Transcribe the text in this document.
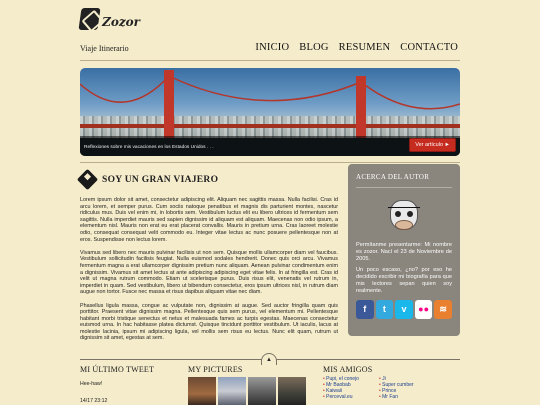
Zozor
Viaje Itinerario	INICIO BLOG RESUMEN CONTACTO
Reflexiones sobre mis vacaciones en los Estados Unidos . . .	Ver artículo ►
SOY UN GRAN VIAJERO

Lorem ipsum dolor sit amet, consectetur adipiscing elit. Aliquam nec sagittis massa. Nulla facilisi. Cras id arcu lorem, et semper purus. Cum sociis natoque penatibus et magnis dis parturient montes, nascetur ridiculus mus. Duis vel enim mi, in lobortis sem. Vestibulum luctus elit eu libero ultrices id fermentum sem sagittis. Nulla imperdiet mauris sed sapien dignissim id aliquam est aliquam. Maecenas non odio ipsum, a elementum nisl. Mauris non erat eu erat placerat convallis. Mauris in pretium urna. Cras laoreet molestie odio, consequat consequat velit commodo eu. Integer vitae lectus ac nunc posuere pellentesque non at eros. Suspendisse non lectus lorem.

Vivamus sed libero nec mauris pulvinar facilisis ut non sem. Quisque mollis ullamcorper diam vel faucibus. Vestibulum sollicitudin facilisis feugiat. Nulla euismod sodales hendrerit. Donec quis orci arcu. Vivamus fermentum magna a erat ullamcorper dignissim pretium nunc aliquam. Aenean pulvinar condimentum enim a dignissim. Vivamus sit amet lectus at ante adipiscing adipiscing eget vitae felis. In at fringilla est. Cras id velit ut magna rutrum commodo. Etiam ut scelerisque purus. Duis risus elit, venenatis vel rutrum in, imperdiet in quam. Sed vestibulum, libero ut bibendum consectetur, eros ipsum ultrices nisl, in rutrum diam augue non tortor. Fusce nec massa et risus dapibus aliquam vitae nec diam.

Phasellus ligula massa, congue ac vulputate non, dignissim at augue. Sed auctor fringilla quam quis porttitor. Praesent vitae dignissim magna. Pellentesque quis sem purus, vel elementum mi. Pellentesque habitant morbi tristique senectus et netus et malesuada fames ac turpis egestas. Maecenas consectetur euismod urna. In hac habitasse platea dictumst. Quisque tincidunt porttitor vestibulum. Ut iaculis, lacus at molestie lacinia, ipsum mi adipiscing ligula, vel mollis sem risus eu lectus. Nunc elit quam, rutrum ut dignissim sit amet, egestas at sem.

ACERCA DEL AUTOR

Permítanme presentarme: Mi nombre es zozor. Nací el 23 de Noviembre de 2005.

Un poco escaso, ¿no? por eso he decidido escribir mi biografía para que mis lectores sepan quien soy realmente.

f t v ●● ≋
▲
MI ÚLTIMO TWEET
Hee-haw!
14/17 23:12
MY PICTURES	MIS AMIGOS
• Pupi, el conejo	• Ji
• Mr Baobab	• Super cumber
• Kaiwaii	• Prince
• Perceval.eu	• Mr Fan
